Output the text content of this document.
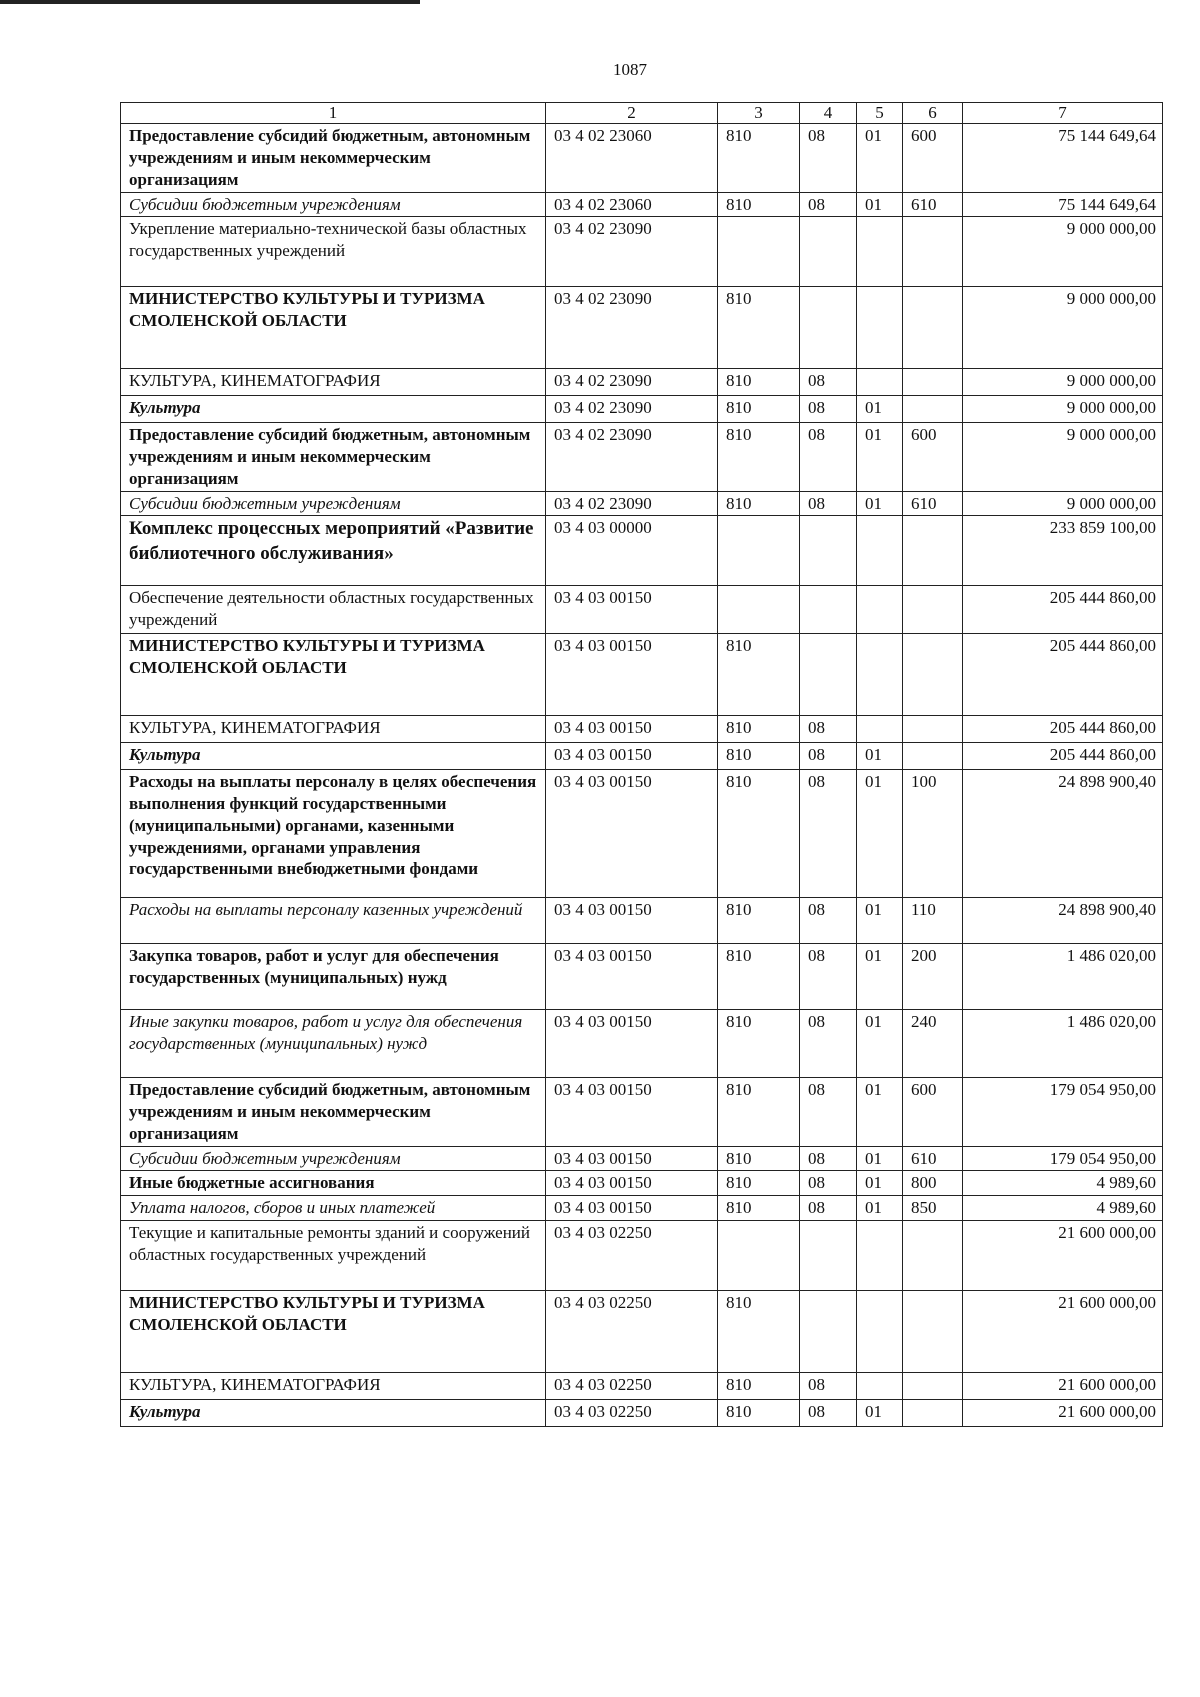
1087
1	2	3	4	5	6	7
Предоставление субсидий бюджетным, автономным учреждениям и иным некоммерческим организациям	03 4 02 23060	810	08	01	600	75 144 649,64
Субсидии бюджетным учреждениям	03 4 02 23060	810	08	01	610	75 144 649,64
Укрепление материально-технической базы областных государственных учреждений	03 4 02 23090					9 000 000,00
МИНИСТЕРСТВО КУЛЬТУРЫ И ТУРИЗМА СМОЛЕНСКОЙ ОБЛАСТИ	03 4 02 23090	810				9 000 000,00
КУЛЬТУРА, КИНЕМАТОГРАФИЯ	03 4 02 23090	810	08			9 000 000,00
Культура	03 4 02 23090	810	08	01		9 000 000,00
Предоставление субсидий бюджетным, автономным учреждениям и иным некоммерческим организациям	03 4 02 23090	810	08	01	600	9 000 000,00
Субсидии бюджетным учреждениям	03 4 02 23090	810	08	01	610	9 000 000,00
Комплекс процессных мероприятий «Развитие библиотечного обслуживания»	03 4 03 00000					233 859 100,00
Обеспечение деятельности областных государственных учреждений	03 4 03 00150					205 444 860,00
МИНИСТЕРСТВО КУЛЬТУРЫ И ТУРИЗМА СМОЛЕНСКОЙ ОБЛАСТИ	03 4 03 00150	810				205 444 860,00
КУЛЬТУРА, КИНЕМАТОГРАФИЯ	03 4 03 00150	810	08			205 444 860,00
Культура	03 4 03 00150	810	08	01		205 444 860,00
Расходы на выплаты персоналу в целях обеспечения выполнения функций государственными (муниципальными) органами, казенными учреждениями, органами управления государственными внебюджетными фондами	03 4 03 00150	810	08	01	100	24 898 900,40
Расходы на выплаты персоналу казенных учреждений	03 4 03 00150	810	08	01	110	24 898 900,40
Закупка товаров, работ и услуг для обеспечения государственных (муниципальных) нужд	03 4 03 00150	810	08	01	200	1 486 020,00
Иные закупки товаров, работ и услуг для обеспечения государственных (муниципальных) нужд	03 4 03 00150	810	08	01	240	1 486 020,00
Предоставление субсидий бюджетным, автономным учреждениям и иным некоммерческим организациям	03 4 03 00150	810	08	01	600	179 054 950,00
Субсидии бюджетным учреждениям	03 4 03 00150	810	08	01	610	179 054 950,00
Иные бюджетные ассигнования	03 4 03 00150	810	08	01	800	4 989,60
Уплата налогов, сборов и иных платежей	03 4 03 00150	810	08	01	850	4 989,60
Текущие и капитальные ремонты зданий и сооружений областных государственных учреждений	03 4 03 02250					21 600 000,00
МИНИСТЕРСТВО КУЛЬТУРЫ И ТУРИЗМА СМОЛЕНСКОЙ ОБЛАСТИ	03 4 03 02250	810				21 600 000,00
КУЛЬТУРА, КИНЕМАТОГРАФИЯ	03 4 03 02250	810	08			21 600 000,00
Культура	03 4 03 02250	810	08	01		21 600 000,00
